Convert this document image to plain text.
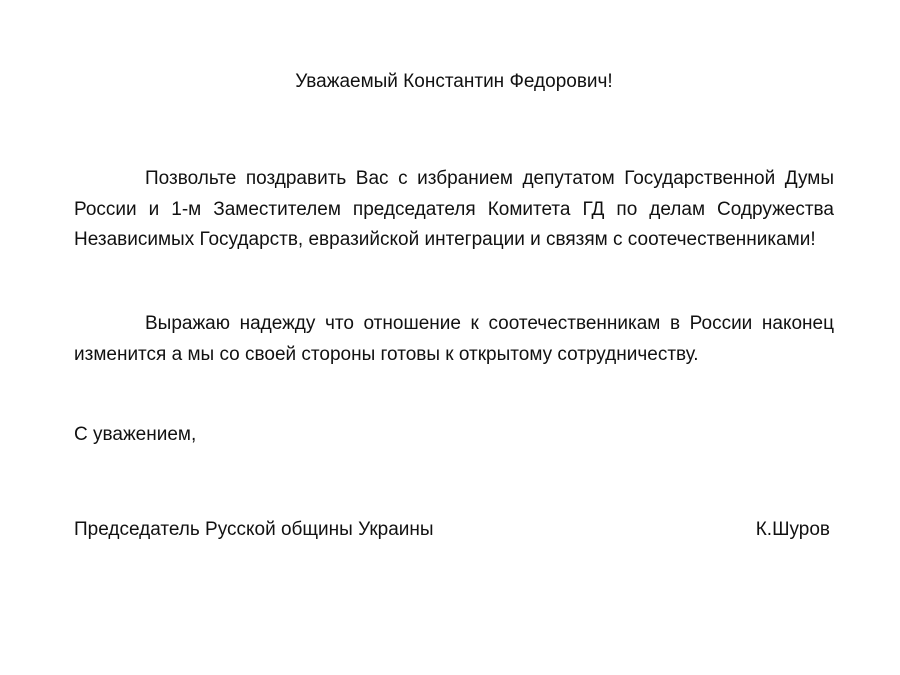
Уважаемый Константин Федорович!

Позвольте поздравить Вас с избранием депутатом Государственной Думы России и 1-м Заместителем председателя Комитета ГД по делам Содружества Независимых Государств, евразийской интеграции и связям с соотечественниками!

Выражаю надежду что отношение к соотечественникам в России наконец изменится а мы со своей стороны готовы к открытому сотрудничеству.

С уважением,
Председатель Русской общины Украины	К.Шуров
